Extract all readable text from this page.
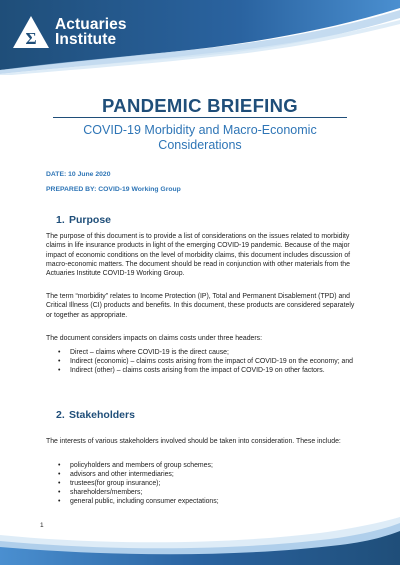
Σ
Actuaries
Institute
PANDEMIC BRIEFING
COVID-19 Morbidity and Macro-Economic Considerations
DATE: 10 June 2020
PREPARED BY: COVID-19 Working Group
1. Purpose
The purpose of this document is to provide a list of considerations on the issues related to morbidity claims in life insurance products in light of the emerging COVID-19 pandemic. Because of the major impact of economic conditions on the level of morbidity claims, this document includes discussion of macro-economic matters. The document should be read in conjunction with other materials from the Actuaries Institute COVID-19 Working Group.
The term “morbidity” relates to Income Protection (IP), Total and Permanent Disablement (TPD) and Critical Illness (CI) products and benefits. In this document, these products are considered separately or together as appropriate.
The document considers impacts on claims costs under three headers:
• Direct – claims where COVID-19 is the direct cause;
• Indirect (economic) – claims costs arising from the impact of COVID-19 on the economy; and
• Indirect (other) – claims costs arising from the impact of COVID-19 on other factors.
2. Stakeholders
The interests of various stakeholders involved should be taken into consideration. These include:
• policyholders and members of group schemes;
• advisors and other intermediaries;
• trustees(for group insurance);
• shareholders/members;
• general public, including consumer expectations;
1
